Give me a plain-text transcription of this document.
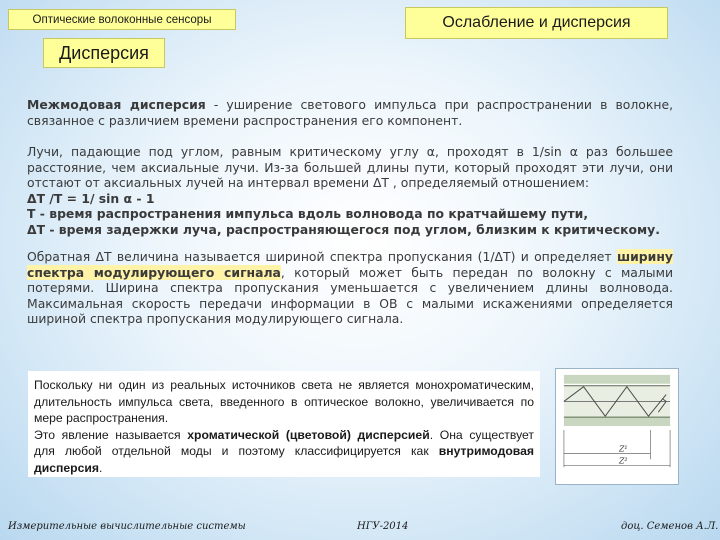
Оптические волоконные сенсоры	Ослабление и дисперсия
Дисперсия

Межмодовая дисперсия - уширение светового импульса при распространении в волокне, связанное с различием времени распространения его компонент.

Лучи, падающие под углом, равным критическому углу α, проходят в 1/sin α раз большее расстояние, чем аксиальные лучи. Из-за большей длины пути, который проходят эти лучи, они отстают от аксиальных лучей на интервал времени ΔТ , определяемый отношением:
ΔТ /Т = 1/ sin α - 1
Т - время распространения импульса вдоль волновода по кратчайшему пути,
ΔТ - время задержки луча, распространяющегося под углом, близким к критическому.

Обратная ΔТ величина называется шириной спектра пропускания (1/ΔТ) и определяет ширину спектра модулирующего сигнала, который может быть передан по волокну с малыми потерями. Ширина спектра пропускания уменьшается с увеличением длины волновода. Максимальная скорость передачи информации в ОВ с малыми искажениями определяется шириной спектра пропускания модулирующего сигнала.

Поскольку ни один из реальных источников света не является монохроматическим, длительность импульса света, введенного в оптическое волокно, увеличивается по мере распространения.

Это явление называется хроматической (цветовой) дисперсией. Она существует для любой отдельной моды и поэтому классифицируется как внутримодовая дисперсия.

Z¹
Z²
Измерительные вычислительные системы	НГУ-2014	доц. Семенов А.Л.
